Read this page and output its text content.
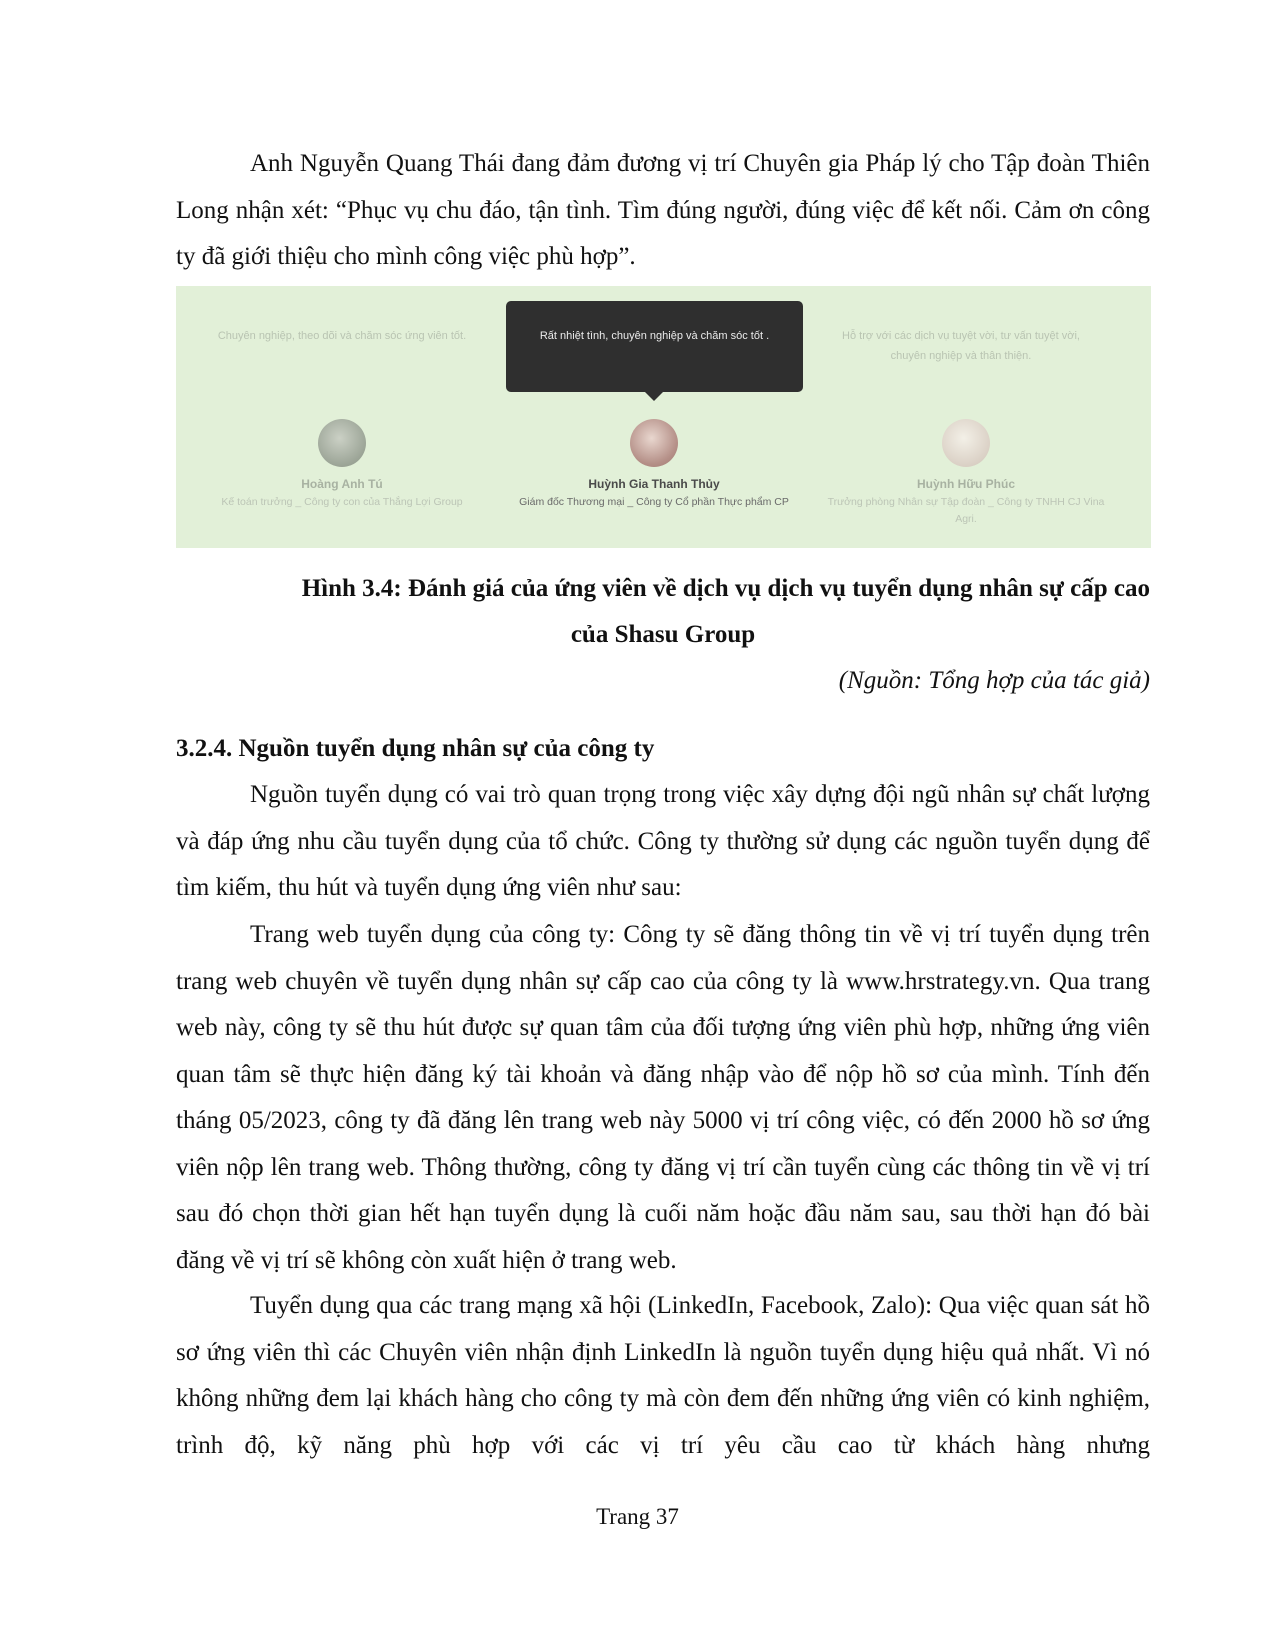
Anh Nguyễn Quang Thái đang đảm đương vị trí Chuyên gia Pháp lý cho Tập đoàn Thiên Long nhận xét: “Phục vụ chu đáo, tận tình. Tìm đúng người, đúng việc để kết nối. Cảm ơn công ty đã giới thiệu cho mình công việc phù hợp”.

Chuyên nghiệp, theo dõi và chăm sóc ứng viên tốt.	Rất nhiệt tình, chuyên nghiệp và chăm sóc tốt .	Hỗ trợ với các dịch vụ tuyệt vời, tư vấn tuyệt vời, chuyên nghiệp và thân thiện.
Hoàng Anh Tú
Kế toán trưởng _ Công ty con của Thắng Lợi Group
Huỳnh Gia Thanh Thủy
Giám đốc Thương mại _ Công ty Cổ phần Thực phẩm CP
Huỳnh Hữu Phúc
Trưởng phòng Nhân sự Tập đoàn _ Công ty TNHH CJ Vina Agri.

Hình 3.4: Đánh giá của ứng viên về dịch vụ dịch vụ tuyển dụng nhân sự cấp cao

của Shasu Group

(Nguồn: Tổng hợp của tác giả)

3.2.4. Nguồn tuyển dụng nhân sự của công ty

Nguồn tuyển dụng có vai trò quan trọng trong việc xây dựng đội ngũ nhân sự chất lượng và đáp ứng nhu cầu tuyển dụng của tổ chức. Công ty thường sử dụng các nguồn tuyển dụng để tìm kiếm, thu hút và tuyển dụng ứng viên như sau:

Trang web tuyển dụng của công ty: Công ty sẽ đăng thông tin về vị trí tuyển dụng trên trang web chuyên về tuyển dụng nhân sự cấp cao của công ty là www.hrstrategy.vn. Qua trang web này, công ty sẽ thu hút được sự quan tâm của đối tượng ứng viên phù hợp, những ứng viên quan tâm sẽ thực hiện đăng ký tài khoản và đăng nhập vào để nộp hồ sơ của mình. Tính đến tháng 05/2023, công ty đã đăng lên trang web này 5000 vị trí công việc, có đến 2000 hồ sơ ứng viên nộp lên trang web. Thông thường, công ty đăng vị trí cần tuyển cùng các thông tin về vị trí sau đó chọn thời gian hết hạn tuyển dụng là cuối năm hoặc đầu năm sau, sau thời hạn đó bài đăng về vị trí sẽ không còn xuất hiện ở trang web.

Tuyển dụng qua các trang mạng xã hội (LinkedIn, Facebook, Zalo): Qua việc quan sát hồ sơ ứng viên thì các Chuyên viên nhận định LinkedIn là nguồn tuyển dụng hiệu quả nhất. Vì nó không những đem lại khách hàng cho công ty mà còn đem đến những ứng viên có kinh nghiệm, trình độ, kỹ năng phù hợp với các vị trí yêu cầu cao từ khách hàng nhưng

Trang 37
